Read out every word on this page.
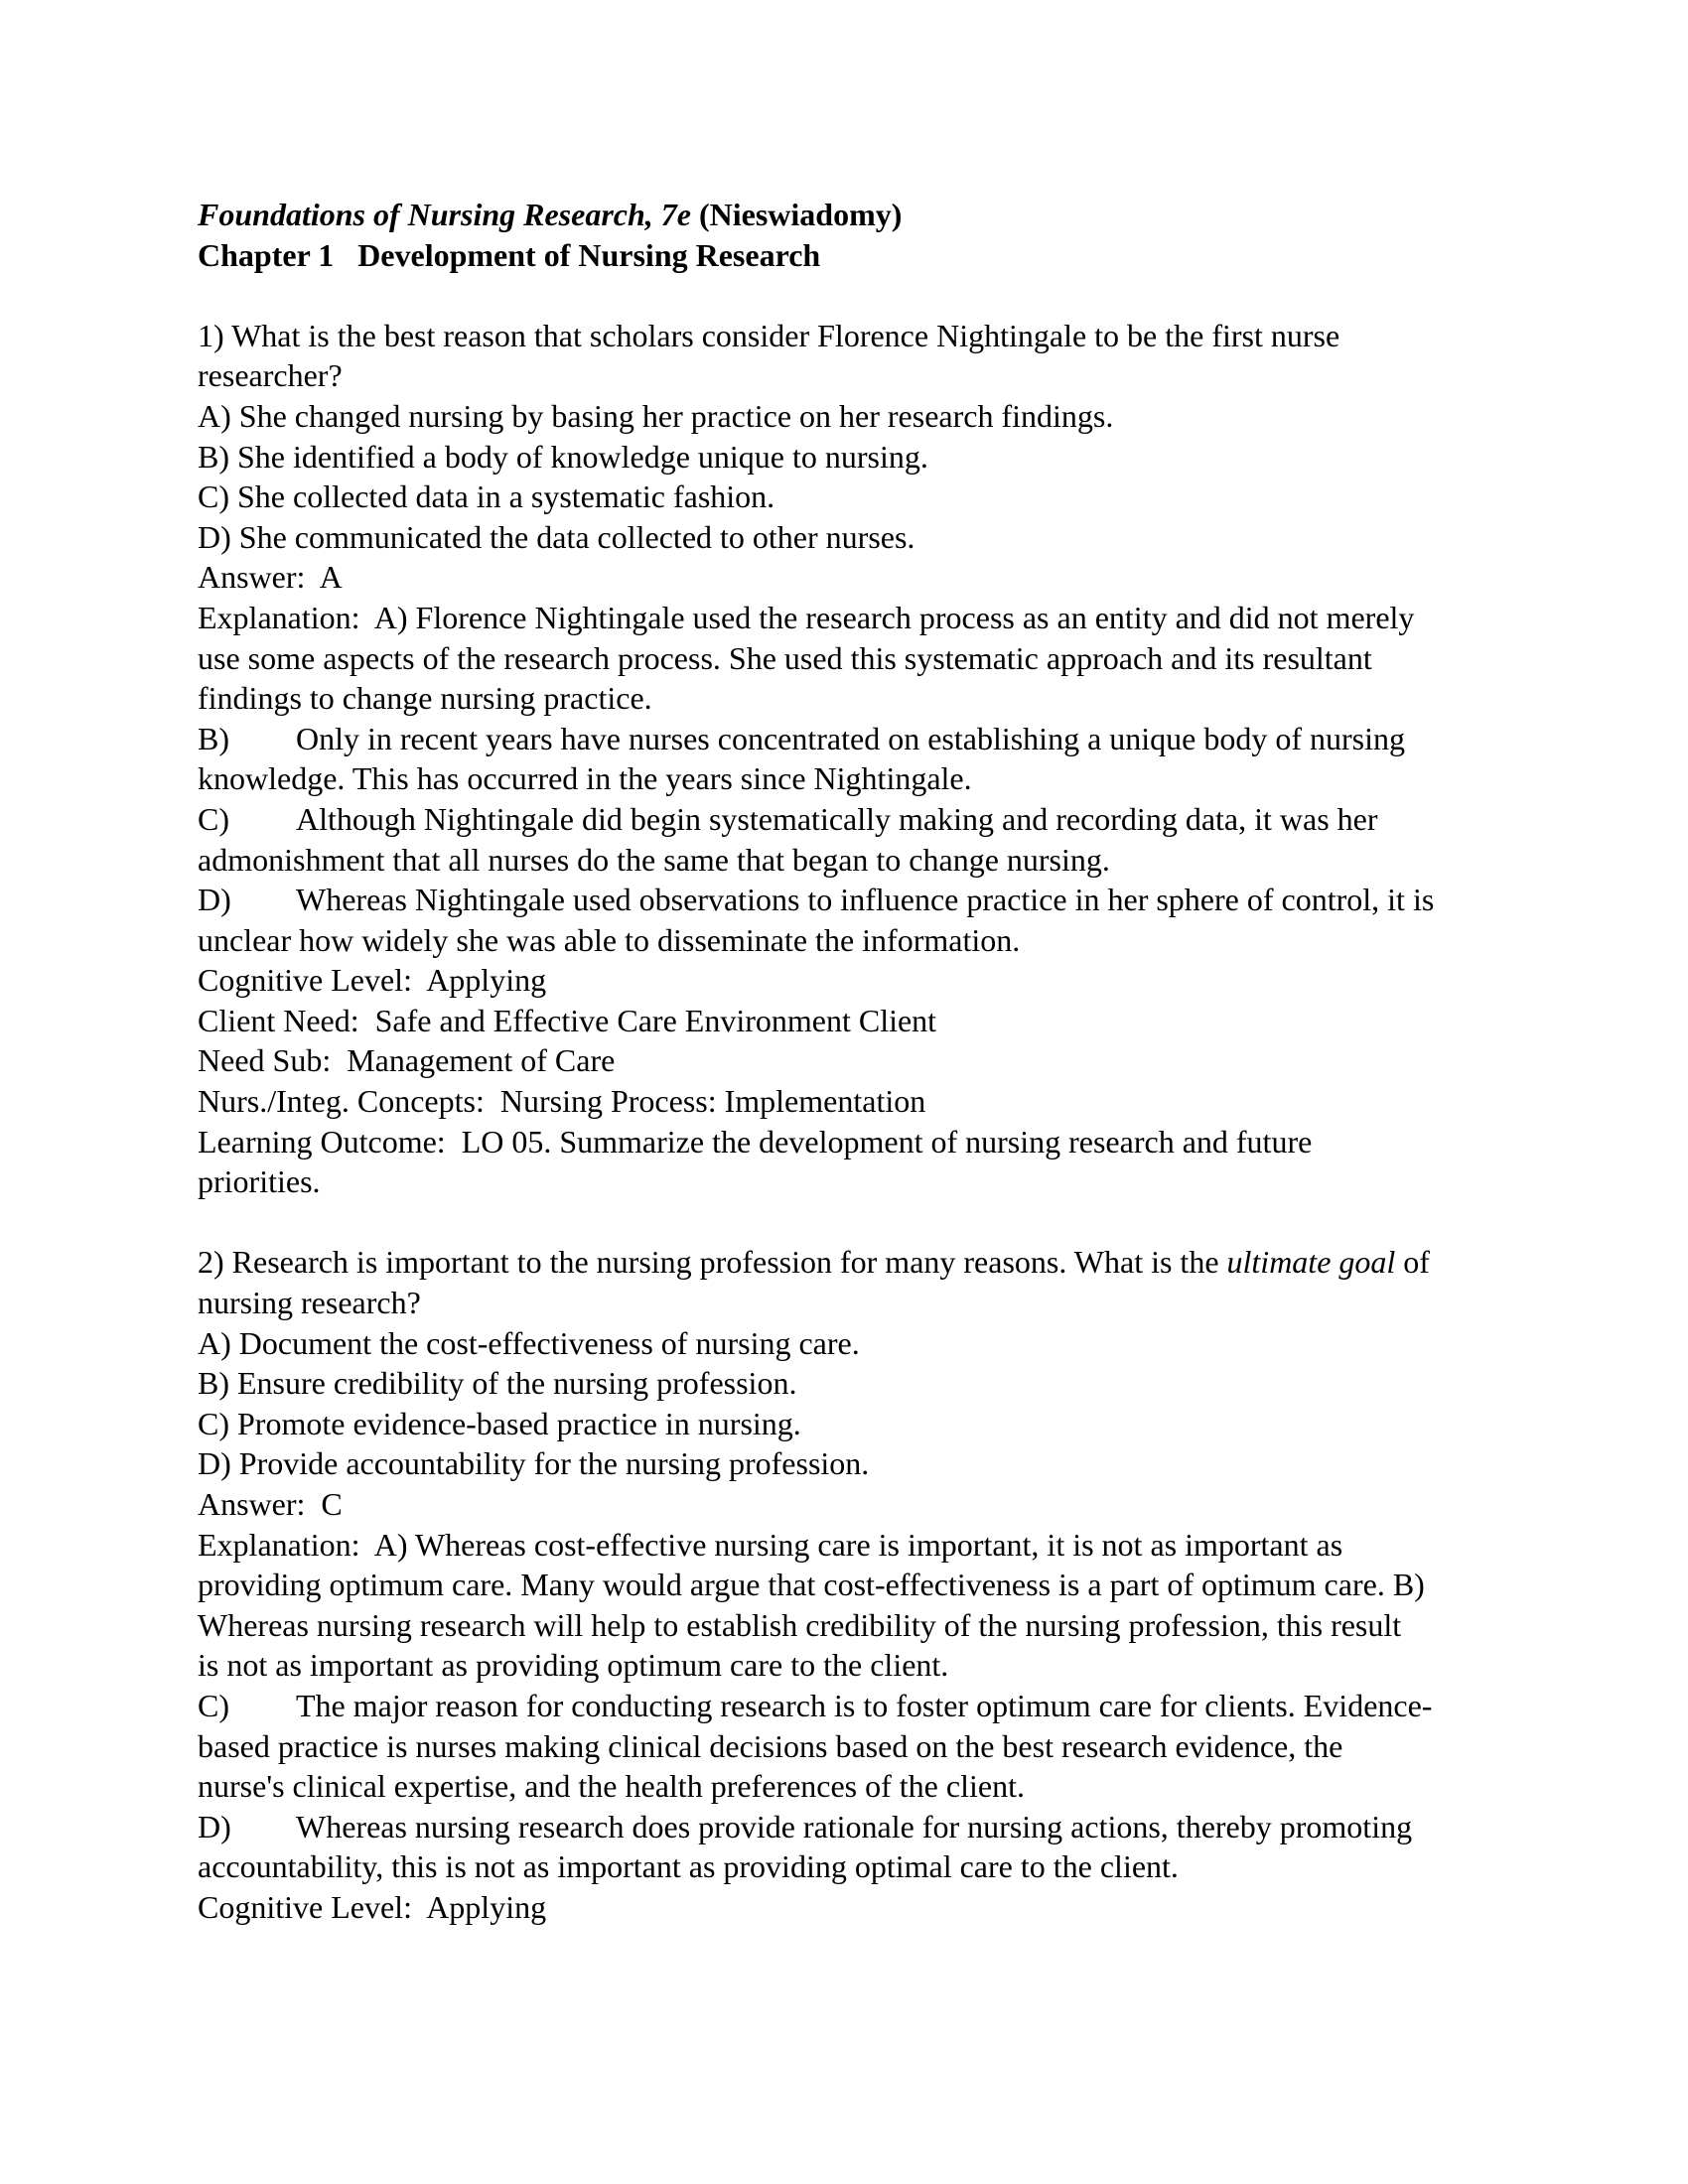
Foundations of Nursing Research, 7e (Nieswiadomy)
Chapter 1   Development of Nursing Research
1) What is the best reason that scholars consider Florence Nightingale to be the first nurse
researcher?
A) She changed nursing by basing her practice on her research findings.
B) She identified a body of knowledge unique to nursing.
C) She collected data in a systematic fashion.
D) She communicated the data collected to other nurses.
Answer:  A
Explanation:  A) Florence Nightingale used the research process as an entity and did not merely
use some aspects of the research process. She used this systematic approach and its resultant
findings to change nursing practice.
B) Only in recent years have nurses concentrated on establishing a unique body of nursing
knowledge. This has occurred in the years since Nightingale.
C) Although Nightingale did begin systematically making and recording data, it was her
admonishment that all nurses do the same that began to change nursing.
D) Whereas Nightingale used observations to influence practice in her sphere of control, it is
unclear how widely she was able to disseminate the information.
Cognitive Level:  Applying
Client Need:  Safe and Effective Care Environment Client
Need Sub:  Management of Care
Nurs./Integ. Concepts:  Nursing Process: Implementation
Learning Outcome:  LO 05. Summarize the development of nursing research and future
priorities.
2) Research is important to the nursing profession for many reasons. What is the ultimate goal of
nursing research?
A) Document the cost-effectiveness of nursing care.
B) Ensure credibility of the nursing profession.
C) Promote evidence-based practice in nursing.
D) Provide accountability for the nursing profession.
Answer:  C
Explanation:  A) Whereas cost-effective nursing care is important, it is not as important as
providing optimum care. Many would argue that cost-effectiveness is a part of optimum care. B)
Whereas nursing research will help to establish credibility of the nursing profession, this result
is not as important as providing optimum care to the client.
C) The major reason for conducting research is to foster optimum care for clients. Evidence-
based practice is nurses making clinical decisions based on the best research evidence, the
nurse's clinical expertise, and the health preferences of the client.
D) Whereas nursing research does provide rationale for nursing actions, thereby promoting
accountability, this is not as important as providing optimal care to the client.
Cognitive Level:  Applying
